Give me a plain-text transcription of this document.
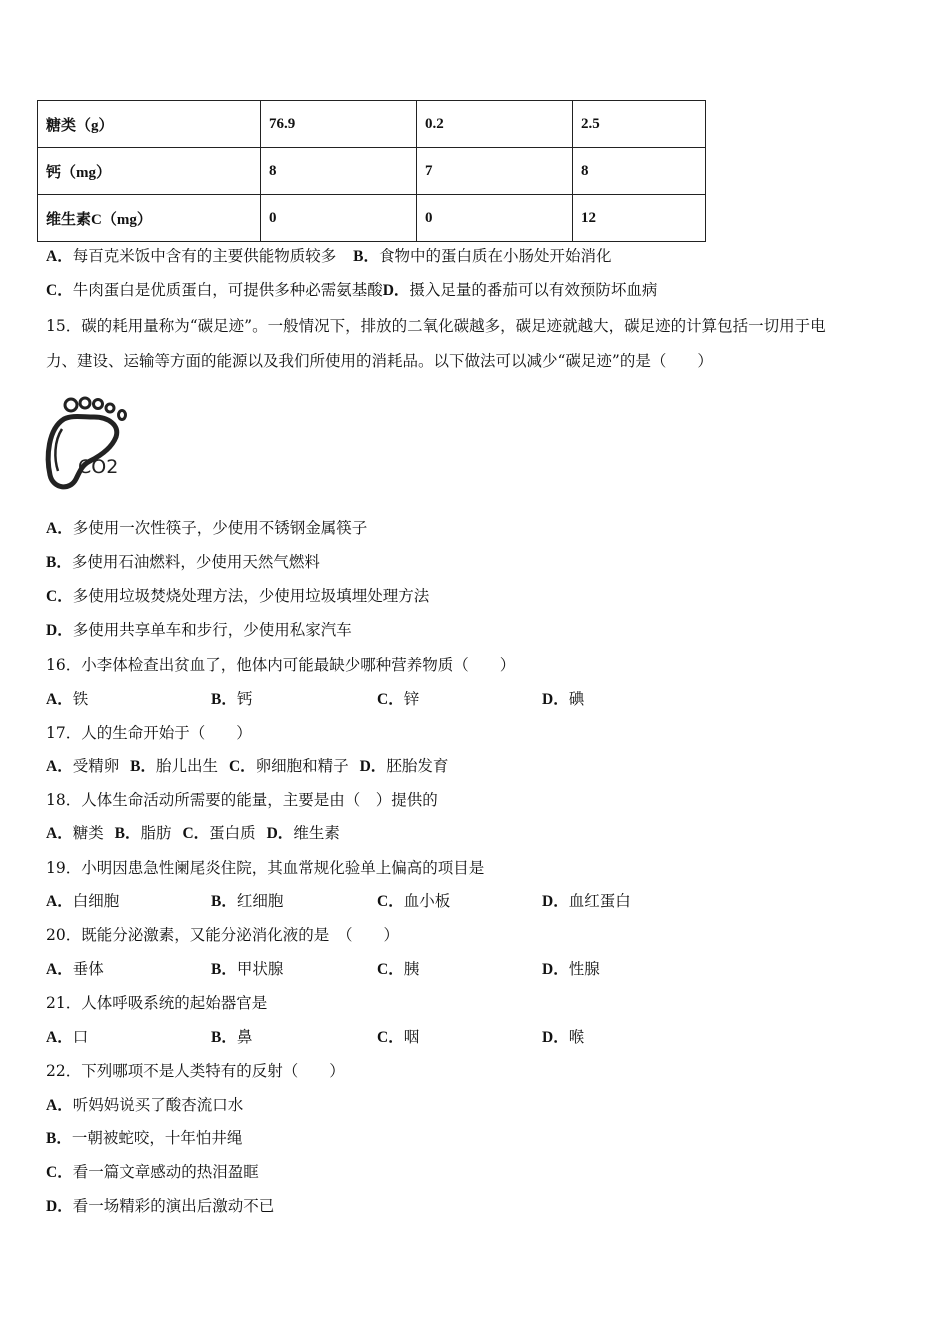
糖类（g）	76.9	0.2	2.5
钙（mg）	8	7	8
维生素C（mg）	0	0	12
A．每百克米饭中含有的主要供能物质较多 B．食物中的蛋白质在小肠处开始消化
C．牛肉蛋白是优质蛋白，可提供多种必需氨基酸D．摄入足量的番茄可以有效预防坏血病
15．碳的耗用量称为“碳足迹”。一般情况下，排放的二氧化碳越多，碳足迹就越大，碳足迹的计算包括一切用于电
力、建设、运输等方面的能源以及我们所使用的消耗品。以下做法可以减少“碳足迹”的是（　　）
CO2
A．多使用一次性筷子，少使用不锈钢金属筷子
B．多使用石油燃料，少使用天然气燃料
C．多使用垃圾焚烧处理方法，少使用垃圾填埋处理方法
D．多使用共享单车和步行，少使用私家汽车
16．小李体检查出贫血了，他体内可能最缺少哪种营养物质（　　）
A．铁	B．钙	C．锌	D．碘
17．人的生命开始于（　　）
A．受精卵 B．胎儿出生 C．卵细胞和精子 D．胚胎发育
18．人体生命活动所需要的能量，主要是由（　）提供的
A．糖类 B．脂肪 C．蛋白质 D．维生素
19．小明因患急性阑尾炎住院，其血常规化验单上偏高的项目是
A．白细胞	B．红细胞	C．血小板	D．血红蛋白
20．既能分泌激素，又能分泌消化液的是　（　　）
A．垂体	B．甲状腺	C．胰	D．性腺
21．人体呼吸系统的起始器官是
A．口	B．鼻	C．咽	D．喉
22．下列哪项不是人类特有的反射（　　）
A．听妈妈说买了酸杏流口水
B．一朝被蛇咬，十年怕井绳
C．看一篇文章感动的热泪盈眶
D．看一场精彩的演出后激动不已
